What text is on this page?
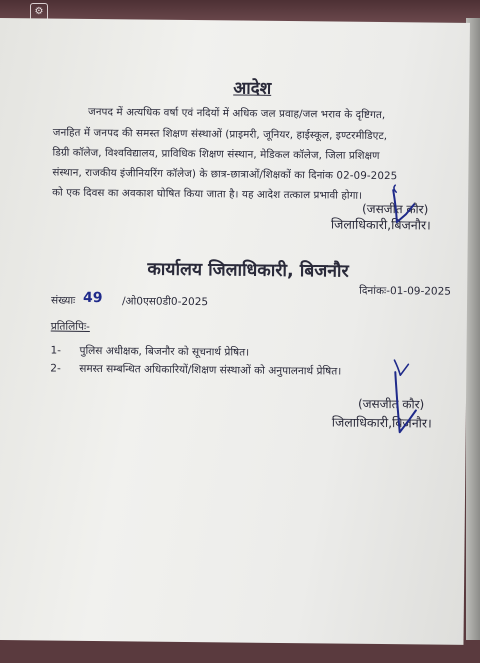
⚙
आदेश
जनपद में अत्यधिक वर्षा एवं नदियों में अधिक जल प्रवाह/जल भराव के दृष्टिगत,
जनहित में जनपद की समस्त शिक्षण संस्थाओं (प्राइमरी, जूनियर, हाईस्कूल, इण्टरमीडिएट,
डिग्री कॉलेज, विश्वविद्यालय, प्राविधिक शिक्षण संस्थान, मेडिकल कॉलेज, जिला प्रशिक्षण
संस्थान, राजकीय इंजीनियरिंग कॉलेज) के छात्र-छात्राओं/शिक्षकों का दिनांक 02-09-2025
को एक दिवस का अवकाश घोषित किया जाता है। यह आदेश तत्काल प्रभावी होगा।
(जसजीत कौर)
जिलाधिकारी,बिजनौर।
कार्यालय जिलाधिकारी, बिजनौर
संख्याः 49 /ओ0एस0डी0-2025
दिनांकः-01-09-2025
प्रतिलिपिः-
1- पुलिस अधीक्षक, बिजनौर को सूचनार्थ प्रेषित।
2- समस्त सम्बन्धित अधिकारियों/शिक्षण संस्थाओं को अनुपालनार्थ प्रेषित।
(जसजीत कौर)
जिलाधिकारी,बिजनौर।
